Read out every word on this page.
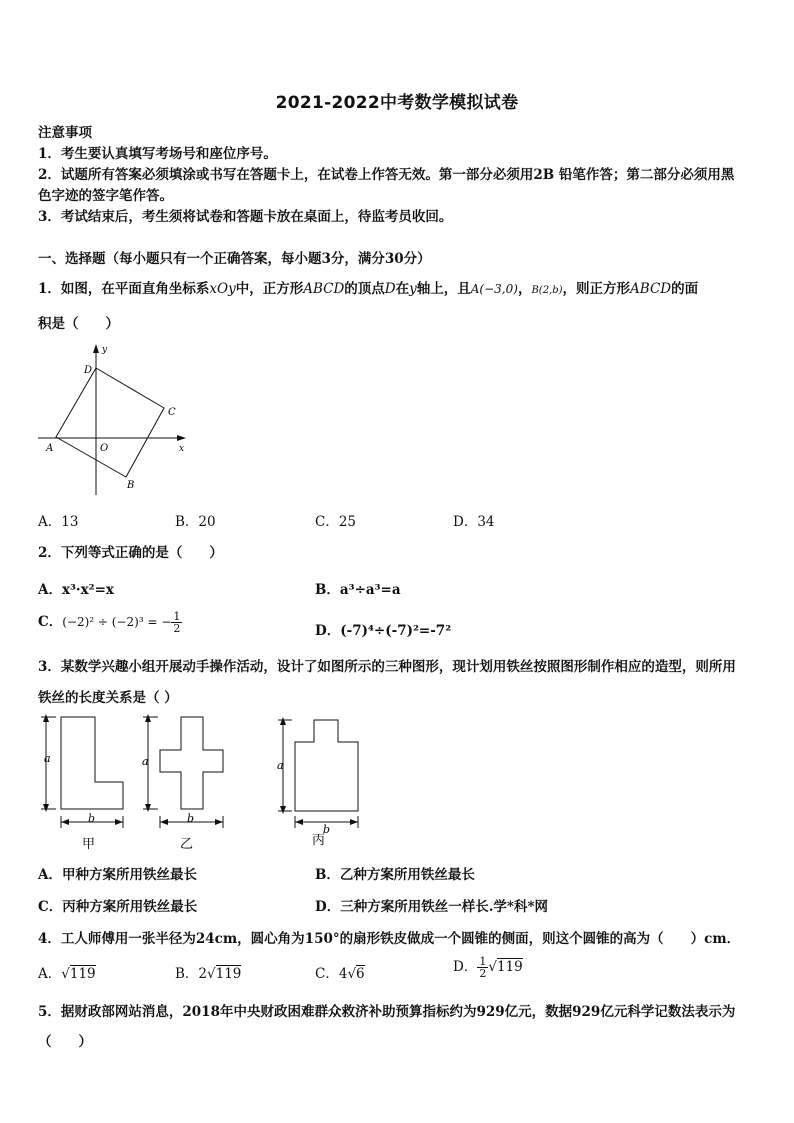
2021-2022中考数学模拟试卷
注意事项
1．考生要认真填写考场号和座位序号。
2．试题所有答案必须填涂或书写在答题卡上，在试卷上作答无效。第一部分必须用2B 铅笔作答；第二部分必须用黑
色字迹的签字笔作答。
3．考试结束后，考生须将试卷和答题卡放在桌面上，待监考员收回。
一、选择题（每小题只有一个正确答案，每小题3分，满分30分）
1．如图，在平面直角坐标系xOy中，正方形ABCD的顶点D在y轴上，且A(−3,0)，B(2,b)，则正方形ABCD的面
积是（　　）
y
x
D
C
A	O
B
A．13	B．20	C．25	D．34
2．下列等式正确的是（　　）
A．x³·x²=x	B．a³÷a³=a
C．(−2)² ÷ (−2)³ = − $\frac{1}{2}$	D．(-7)⁴÷(-7)²=-7²
3．某数学兴趣小组开展动手操作活动，设计了如图所示的三种图形，现计划用铁丝按照图形制作相应的造型，则所用
铁丝的长度关系是（ ）
a
b
甲
a
b
乙
a
b
丙
A．甲种方案所用铁丝最长	B．乙种方案所用铁丝最长
C．丙种方案所用铁丝最长	D．三种方案所用铁丝一样长.学*科*网
4．工人师傅用一张半径为24cm，圆心角为150°的扇形铁皮做成一个圆锥的侧面，则这个圆锥的高为（　　）cm．
A．√119	B．2√119	C．4√6	D． $\frac{1}{2} √119$
5．据财政部网站消息，2018年中央财政困难群众救济补助预算指标约为929亿元，数据929亿元科学记数法表示为
（　　）
